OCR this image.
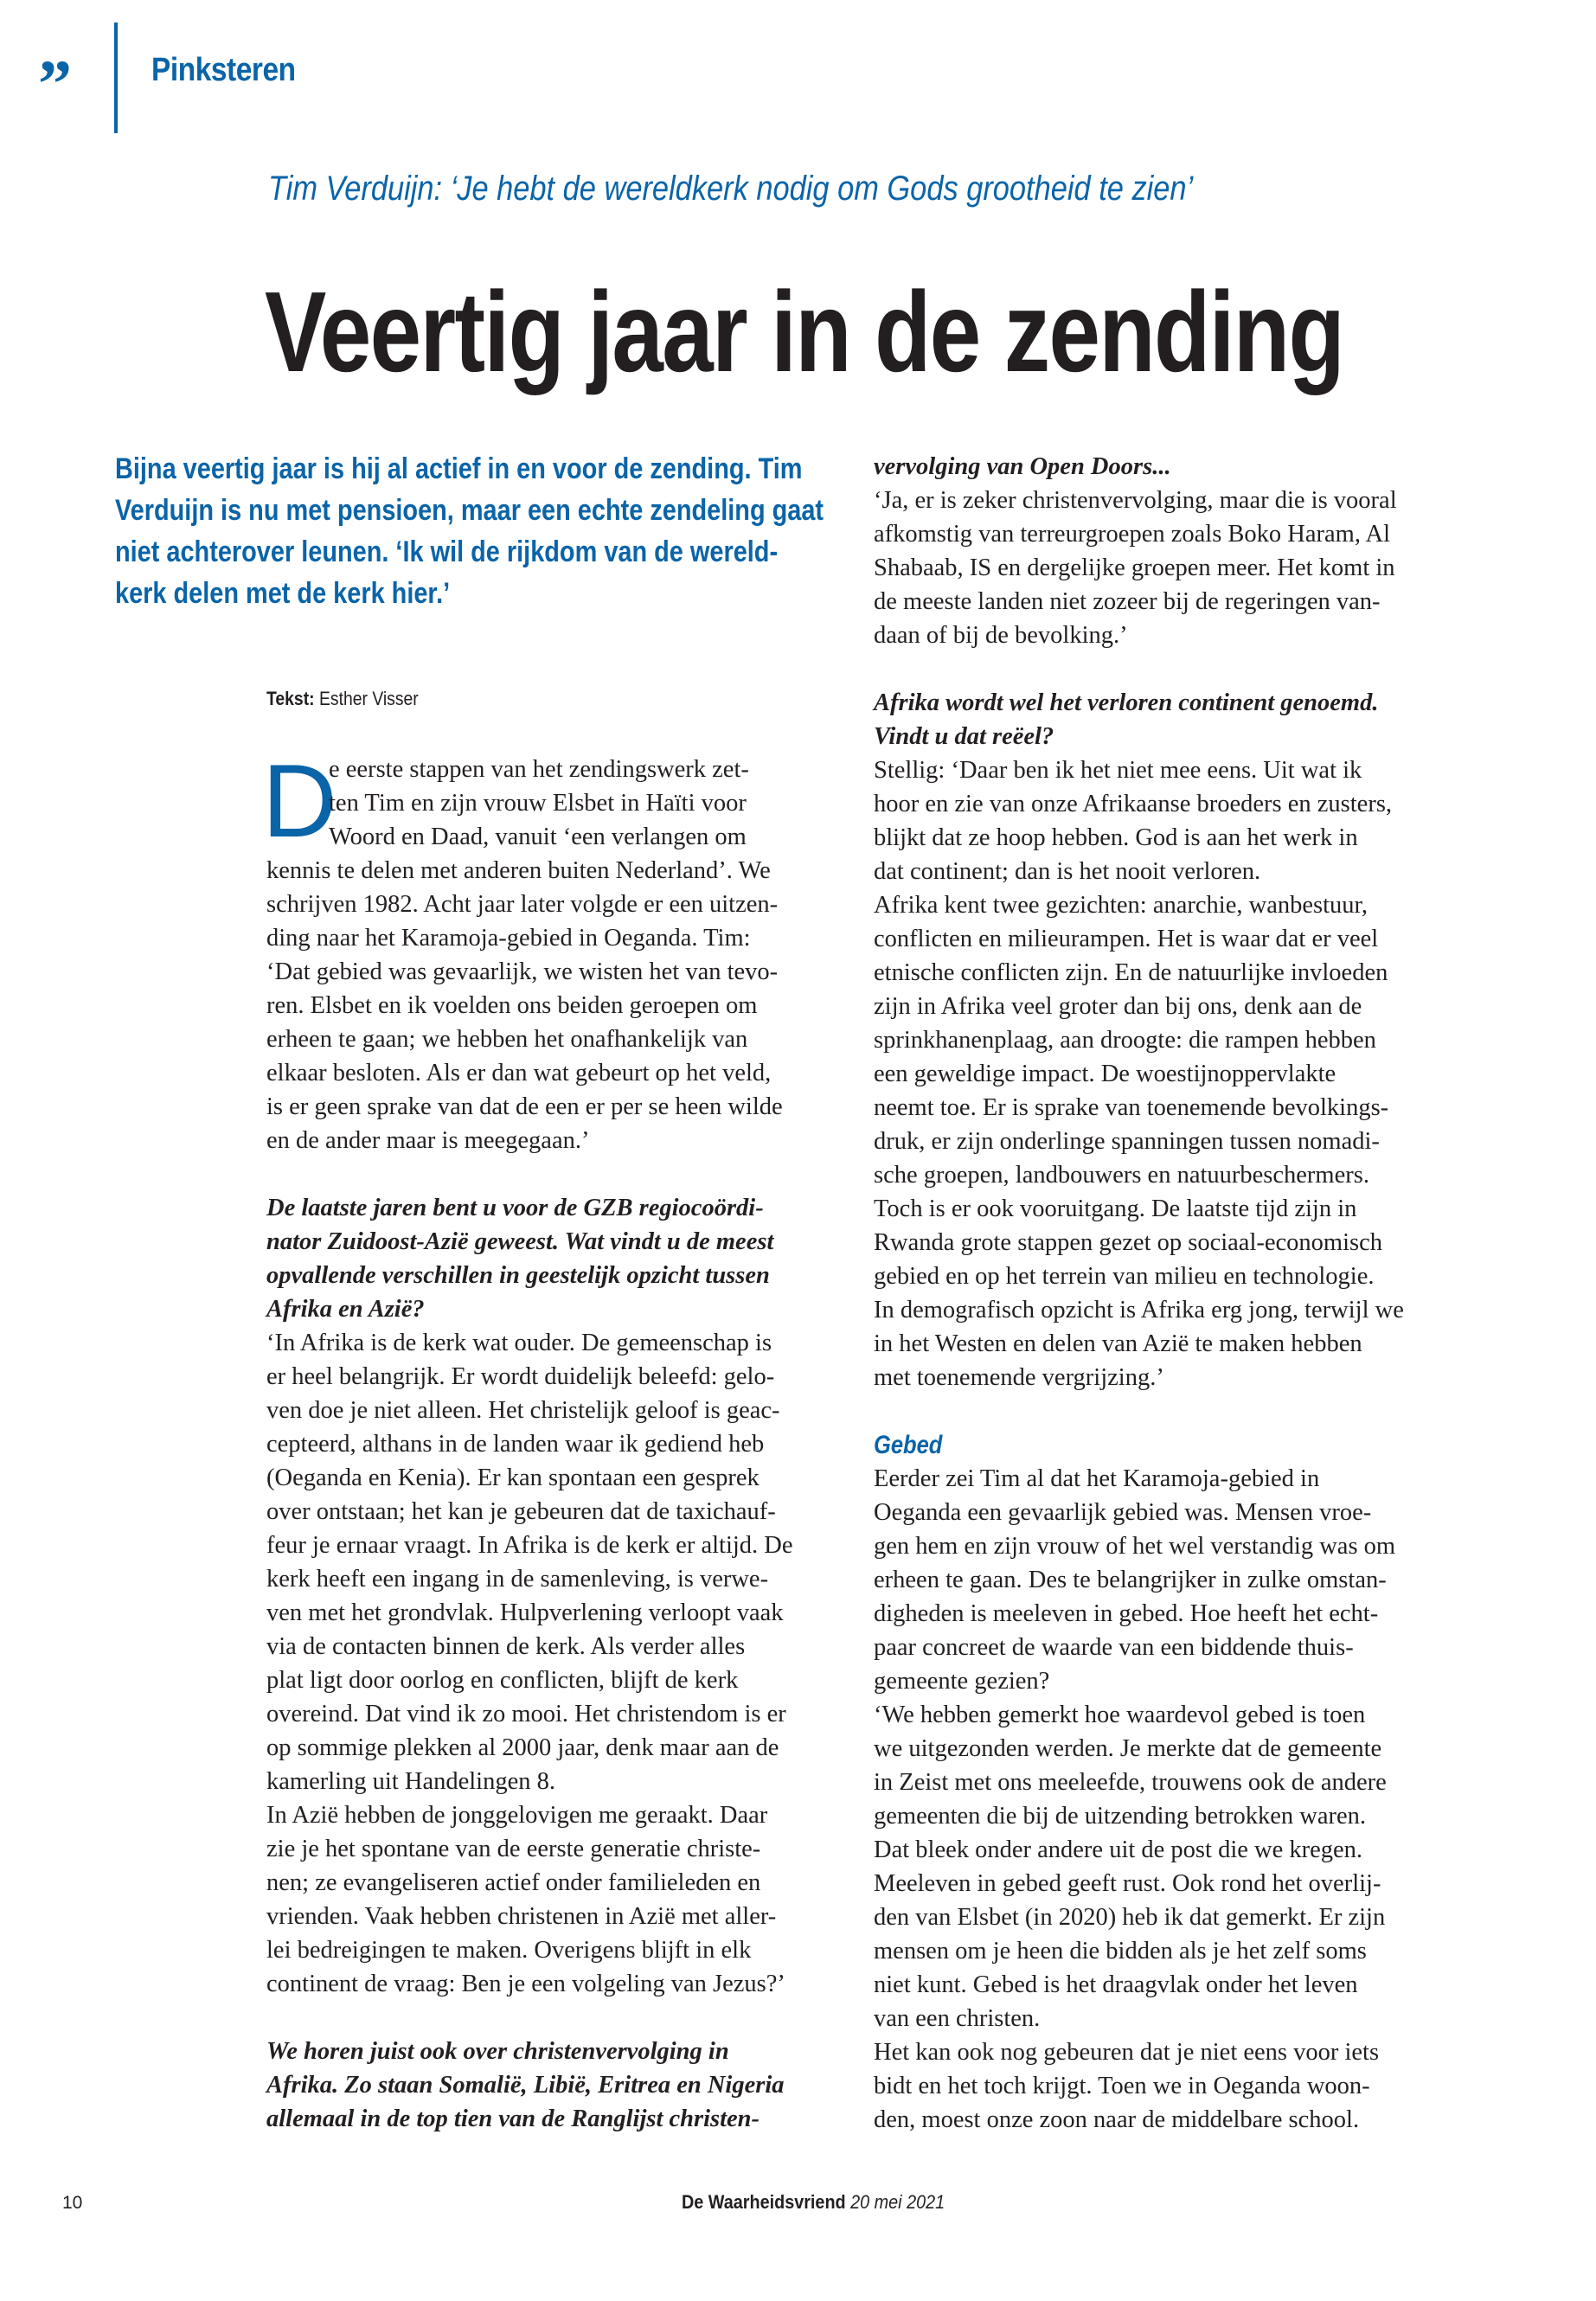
”	Pinksteren
Tim Verduijn: ‘Je hebt de wereldkerk nodig om Gods grootheid te zien’
Veertig jaar in de zending
Bijna veertig jaar is hij al actief in en voor de zending. Tim
Verduijn is nu met pensioen, maar een echte zendeling gaat
niet achterover leunen. ‘Ik wil de rijkdom van de wereld-
kerk delen met de kerk hier.’
Tekst: Esther Visser
D
e eerste stappen van het zendingswerk zet-
ten Tim en zijn vrouw Elsbet in Haïti voor
Woord en Daad, vanuit ‘een verlangen om
kennis te delen met anderen buiten Nederland’. We
schrijven 1982. Acht jaar later volgde er een uitzen-
ding naar het Karamoja-gebied in Oeganda. Tim:
‘Dat gebied was gevaarlijk, we wisten het van tevo-
ren. Elsbet en ik voelden ons beiden geroepen om
erheen te gaan; we hebben het onafhankelijk van
elkaar besloten. Als er dan wat gebeurt op het veld,
is er geen sprake van dat de een er per se heen wilde
en de ander maar is meegegaan.’
De laatste jaren bent u voor de GZB regiocoördi-
nator Zuidoost-Azië geweest. Wat vindt u de meest
opvallende verschillen in geestelijk opzicht tussen
Afrika en Azië?
‘In Afrika is de kerk wat ouder. De gemeenschap is
er heel belangrijk. Er wordt duidelijk beleefd: gelo-
ven doe je niet alleen. Het christelijk geloof is geac-
cepteerd, althans in de landen waar ik gediend heb
(Oeganda en Kenia). Er kan spontaan een gesprek
over ontstaan; het kan je gebeuren dat de taxichauf-
feur je ernaar vraagt. In Afrika is de kerk er altijd. De
kerk heeft een ingang in de samenleving, is verwe-
ven met het grondvlak. Hulpverlening verloopt vaak
via de contacten binnen de kerk. Als verder alles
plat ligt door oorlog en conflicten, blijft de kerk
overeind. Dat vind ik zo mooi. Het christendom is er
op sommige plekken al 2000 jaar, denk maar aan de
kamerling uit Handelingen 8.
In Azië hebben de jonggelovigen me geraakt. Daar
zie je het spontane van de eerste generatie christe-
nen; ze evangeliseren actief onder familieleden en
vrienden. Vaak hebben christenen in Azië met aller-
lei bedreigingen te maken. Overigens blijft in elk
continent de vraag: Ben je een volgeling van Jezus?’
We horen juist ook over christenvervolging in
Afrika. Zo staan Somalië, Libië, Eritrea en Nigeria
allemaal in de top tien van de Ranglijst christen-
vervolging van Open Doors...
‘Ja, er is zeker christenvervolging, maar die is vooral
afkomstig van terreurgroepen zoals Boko Haram, Al
Shabaab, IS en dergelijke groepen meer. Het komt in
de meeste landen niet zozeer bij de regeringen van-
daan of bij de bevolking.’
Afrika wordt wel het verloren continent genoemd.
Vindt u dat reëel?
Stellig: ‘Daar ben ik het niet mee eens. Uit wat ik
hoor en zie van onze Afrikaanse broeders en zusters,
blijkt dat ze hoop hebben. God is aan het werk in
dat continent; dan is het nooit verloren.
Afrika kent twee gezichten: anarchie, wanbestuur,
conflicten en milieurampen. Het is waar dat er veel
etnische conflicten zijn. En de natuurlijke invloeden
zijn in Afrika veel groter dan bij ons, denk aan de
sprinkhanenplaag, aan droogte: die rampen hebben
een geweldige impact. De woestijnoppervlakte
neemt toe. Er is sprake van toenemende bevolkings-
druk, er zijn onderlinge spanningen tussen nomadi-
sche groepen, landbouwers en natuurbeschermers.
Toch is er ook vooruitgang. De laatste tijd zijn in
Rwanda grote stappen gezet op sociaal-economisch
gebied en op het terrein van milieu en technologie.
In demografisch opzicht is Afrika erg jong, terwijl we
in het Westen en delen van Azië te maken hebben
met toenemende vergrijzing.’
Gebed
Eerder zei Tim al dat het Karamoja-gebied in
Oeganda een gevaarlijk gebied was. Mensen vroe-
gen hem en zijn vrouw of het wel verstandig was om
erheen te gaan. Des te belangrijker in zulke omstan-
digheden is meeleven in gebed. Hoe heeft het echt-
paar concreet de waarde van een biddende thuis-
gemeente gezien?
‘We hebben gemerkt hoe waardevol gebed is toen
we uitgezonden werden. Je merkte dat de gemeente
in Zeist met ons meeleefde, trouwens ook de andere
gemeenten die bij de uitzending betrokken waren.
Dat bleek onder andere uit de post die we kregen.
Meeleven in gebed geeft rust. Ook rond het overlij-
den van Elsbet (in 2020) heb ik dat gemerkt. Er zijn
mensen om je heen die bidden als je het zelf soms
niet kunt. Gebed is het draagvlak onder het leven
van een christen.
Het kan ook nog gebeuren dat je niet eens voor iets
bidt en het toch krijgt. Toen we in Oeganda woon-
den, moest onze zoon naar de middelbare school.
10	De Waarheidsvriend 20 mei 2021
